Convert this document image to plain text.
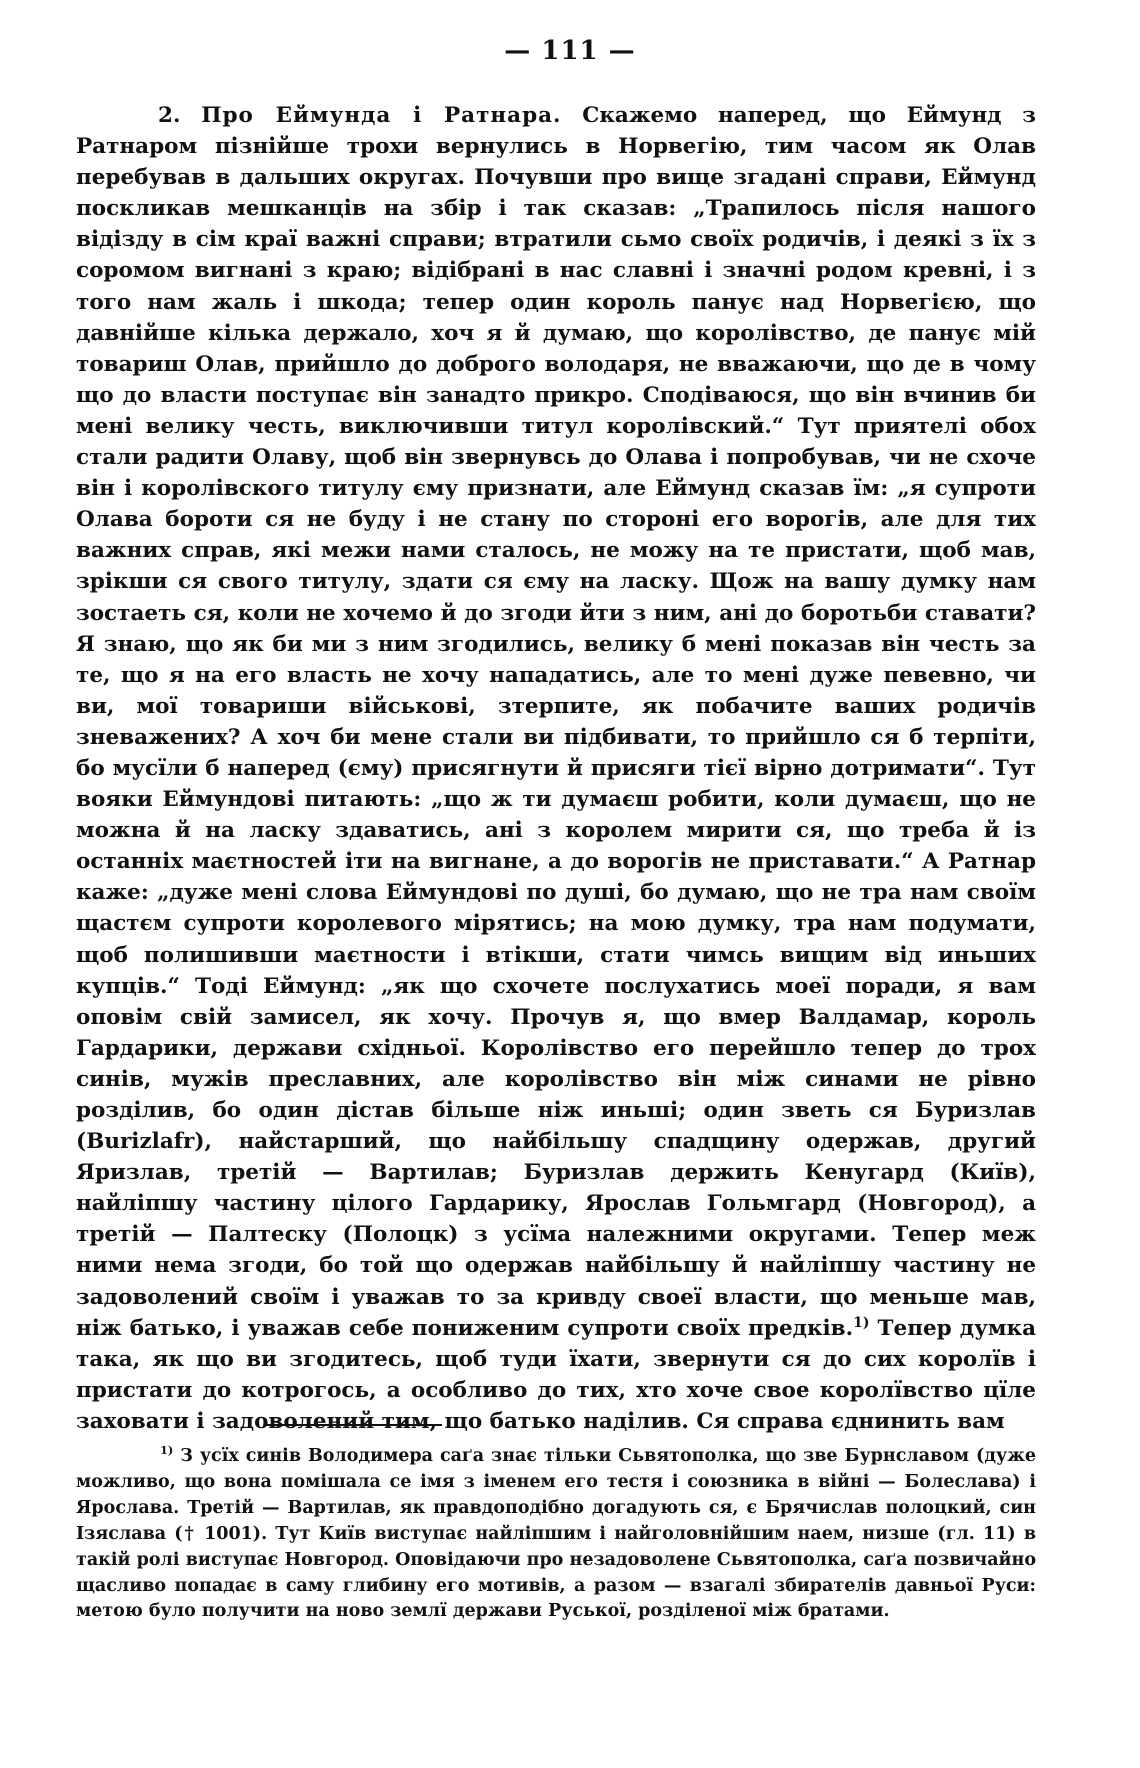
— 111 —

2. Про Еймунда і Ратнара. Скажемо наперед, що Еймунд з Ратнаром пізнійше трохи вернулись в Норвегію, тим часом як Олав перебував в дальших округах. Почувши про вище згадані справи, Еймунд поскликав мешканців на збір і так сказав: „Трапилось після нашого відізду в сім краї важні справи; втратили сьмо своїх родичів, і деякі з їх з соромом вигнані з краю; відібрані в нас славні і значні родом кревні, і з того нам жаль і шкода; тепер один король панує над Норвегією, що давнійше кілька держало, хоч я й думаю, що королівство, де панує мій товариш Олав, прийшло до доброго володаря, не вважаючи, що де в чому що до власти поступає він занадто прикро. Сподіваюся, що він вчинив би мені велику честь, виключивши титул королівский.“ Тут приятелі обох стали радити Олаву, щоб він звернувсь до Олава і попробував, чи не схоче він і королівского титулу єму признати, але Еймунд сказав їм: „я супроти Олава бороти ся не буду і не стану по стороні его ворогів, але для тих важних справ, які межи нами сталось, не можу на те пристати, щоб мав, зрікши ся свого титулу, здати ся єму на ласку. Щож на вашу думку нам зостаеть ся, коли не хочемо й до згоди йти з ним, ані до боротьби ставати? Я знаю, що як би ми з ним згодились, велику б мені показав він честь за те, що я на его власть не хочу нападатись, але то мені дуже певевно, чи ви, мої товариши військові, зтерпите, як побачите ваших родичів зневажених? А хоч би мене стали ви підбивати, то прийшло ся б терпіти, бо мусїли б наперед (єму) присягнути й присяги тієї вірно дотримати“. Тут вояки Еймундові питають: „що ж ти думаєш робити, коли думаєш, що не можна й на ласку здаватись, ані з королем мирити ся, що треба й із останніх маєтностей іти на вигнане, а до ворогів не приставати.“ А Ратнар каже: „дуже мені слова Еймундові по душі, бо думаю, що не тра нам своїм щастєм супроти королевого мірятись; на мою думку, тра нам подумати, щоб полишивши маєтности і втікши, стати чимсь вищим від иньших купців.“ Тоді Еймунд: „як що схочете послухатись моеї поради, я вам оповім свій замисел, як хочу. Прочув я, що вмер Валдамар, король Гардарики, держави східньої. Королівство его перейшло тепер до трох синів, мужів преславних, але королівство він між синами не рівно розділив, бо один дістав більше ніж иньші; один зветь ся Буризлав (Burizlafr), найстарший, що найбільшу спадщину одержав, другий Яризлав, третій — Вартилав; Буризлав держить Кенугард (Київ), найліпшу частину цілого Гардарику, Ярослав Гольмгард (Новгород), а третій — Палтеску (Полоцк) з усїма належними округами. Тепер меж ними нема згоди, бо той що одержав найбільшу й найліпшу частину не задоволений своїм і уважав то за кривду своеї власти, що меньше мав, ніж батько, і уважав себе пониженим супроти своїх предків.$^{1)}$ Тепер думка така, як що ви згодитесь, щоб туди їхати, звернути ся до сих королїв і пристати до котрогось, а особливо до тих, хто хоче свое королївство цїле заховати і задоволений тим, що батько наділив. Ся справа єднинить вам

$^{1)}$ З усїх синів Володимера саґа знає тільки Сьвятополка, що зве Бурнславом (дуже можливо, що вона помішала се імя з іменем его тестя і союзника в війні — Болеслава) і Ярослава. Третій — Вартилав, як правдоподібно догадують ся, є Брячислав полоцкий, син Ізяслава († 1001). Тут Київ виступає найліпшим і найголовнійшим наем, низше (гл. 11) в такій ролі виступає Новгород. Оповідаючи про незадоволене Сьвятополка, саґа позвичайно щасливо попадає в саму глибину его мотивів, а разом — взагалі збирателів давньої Руси: метою було получити на ново землї держави Руської, розділеної між братами.
